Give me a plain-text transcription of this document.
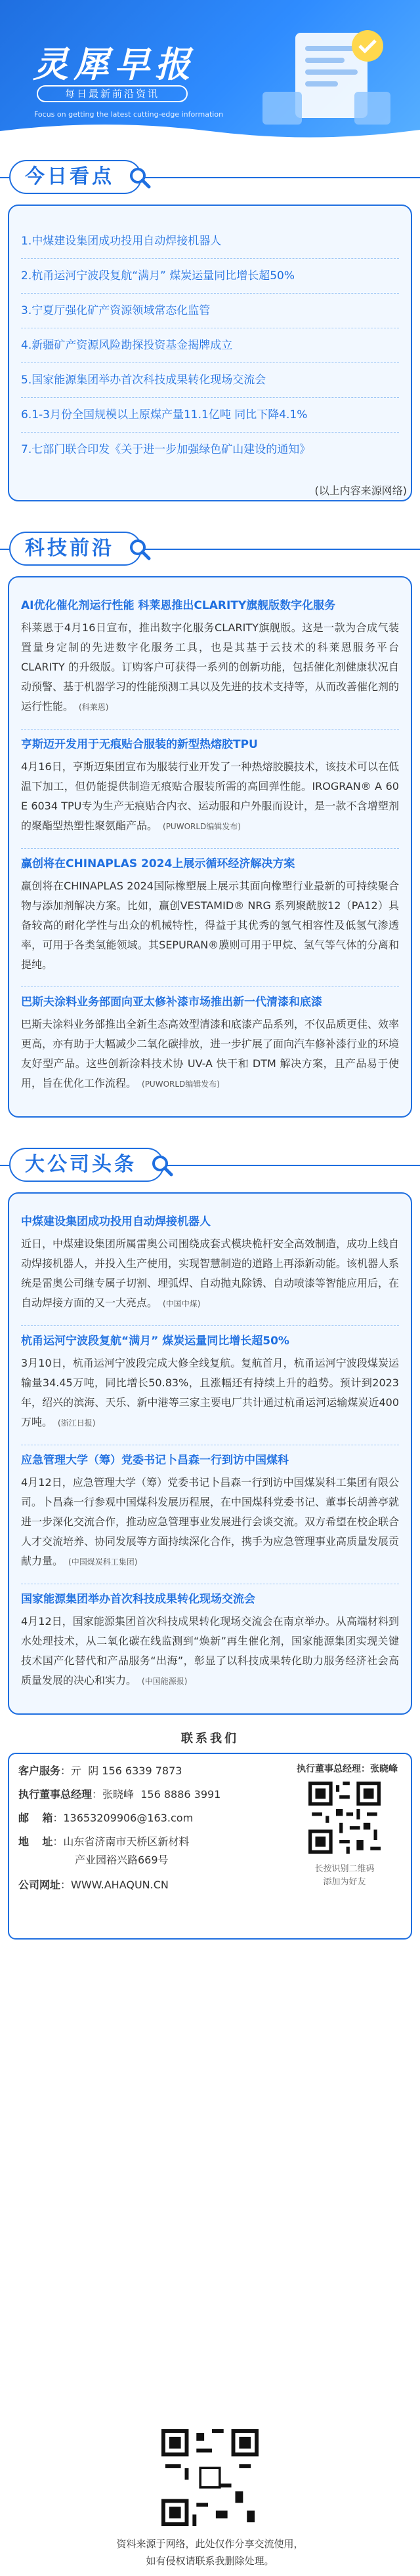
灵犀早报
每日最新前沿资讯
Focus on getting the latest cutting-edge information
今日看点
1.中煤建设集团成功投用自动焊接机器人
2.杭甬运河宁波段复航“满月” 煤炭运量同比增长超50%
3.宁夏厅强化矿产资源领域常态化监管
4.新疆矿产资源风险勘探投资基金揭牌成立
5.国家能源集团举办首次科技成果转化现场交流会
6.1-3月份全国规模以上原煤产量11.1亿吨 同比下降4.1%
7.七部门联合印发《关于进一步加强绿色矿山建设的通知》
(以上内容来源网络)
科技前沿
AI优化催化剂运行性能 科莱恩推出CLARITY旗舰版数字化服务
科莱恩于4月16日宣布，推出数字化服务CLARITY旗舰版。这是一款为合成气装置量身定制的先进数字化服务工具，也是其基于云技术的科莱恩服务平台 CLARITY 的升级版。订购客户可获得一系列的创新功能，包括催化剂健康状况自动预警、基于机器学习的性能预测工具以及先进的技术支持等，从而改善催化剂的运行性能。 (科莱恩)
亨斯迈开发用于无痕贴合服装的新型热熔胶TPU
4月16日，亨斯迈集团宣布为服装行业开发了一种热熔胶膜技术，该技术可以在低温下加工，但仍能提供制造无痕贴合服装所需的高回弹性能。IROGRAN® A 60 E 6034 TPU专为生产无痕贴合内衣、运动服和户外服而设计，是一款不含增塑剂的聚酯型热塑性聚氨酯产品。 (PUWORLD编辑发布)
赢创将在CHINAPLAS 2024上展示循环经济解决方案
赢创将在CHINAPLAS 2024国际橡塑展上展示其面向橡塑行业最新的可持续聚合物与添加剂解决方案。比如，赢创VESTAMID® NRG 系列聚酰胺12（PA12）具备较高的耐化学性与出众的机械特性，得益于其优秀的氢气相容性及低氢气渗透率，可用于各类氢能领域。其SEPURAN®膜则可用于甲烷、氢气等气体的分离和提纯。
巴斯夫涂料业务部面向亚太修补漆市场推出新一代清漆和底漆
巴斯夫涂料业务部推出全新生态高效型清漆和底漆产品系列，不仅品质更佳、效率更高，亦有助于大幅减少二氧化碳排放，进一步扩展了面向汽车修补漆行业的环境友好型产品。这些创新涂料技术协 UV-A 快干和 DTM 解决方案，且产品易于使用，旨在优化工作流程。 (PUWORLD编辑发布)
大公司头条
中煤建设集团成功投用自动焊接机器人
近日，中煤建设集团所属雷奥公司围绕成套式模块桅杆安全高效制造，成功上线自动焊接机器人，并投入生产使用，实现智慧制造的道路上再添新动能。该机器人系统是雷奥公司继专属子切割、埋弧焊、自动抛丸除锈、自动喷漆等智能应用后，在自动焊接方面的又一大亮点。 (中国中煤)
杭甬运河宁波段复航“满月” 煤炭运量同比增长超50%
3月10日，杭甬运河宁波段完成大修全线复航。复航首月，杭甬运河宁波段煤炭运输量34.45万吨，同比增长50.83%，且涨幅还有持续上升的趋势。预计到2023年，绍兴的滨海、天乐、新中港等三家主要电厂共计通过杭甬运河运输煤炭近400万吨。 (浙江日报)
应急管理大学（筹）党委书记卜昌森一行到访中国煤科
4月12日，应急管理大学（筹）党委书记卜昌森一行到访中国煤炭科工集团有限公司。卜昌森一行参观中国煤科发展历程展，在中国煤科党委书记、董事长胡善亭就进一步深化交流合作，推动应急管理事业发展进行会谈交流。双方希望在校企联合人才交流培养、协同发展等方面持续深化合作，携手为应急管理事业高质量发展贡献力量。 (中国煤炭科工集团)
国家能源集团举办首次科技成果转化现场交流会
4月12日，国家能源集团首次科技成果转化现场交流会在南京举办。从高端材料到水处理技术，从二氧化碳在线监测到“焕新”再生催化剂，国家能源集团实现关键技术国产化替代和产品服务“出海”，彰显了以科技成果转化助力服务经济社会高质量发展的决心和实力。 (中国能源报)
联系我们
客户服务：亓 阴 156 6339 7873
执行董事总经理：张晓峰 156 8886 3991
邮 箱：13653209906@163.com
地 址：山东省济南市天桥区新材料
产业园裕兴路669号
公司网址：WWW.AHAQUN.CN
执行董事总经理：张晓峰
长按识别二维码
添加为好友
资料来源于网络，此处仅作分享交流使用，
如有侵权请联系我删除处理。
